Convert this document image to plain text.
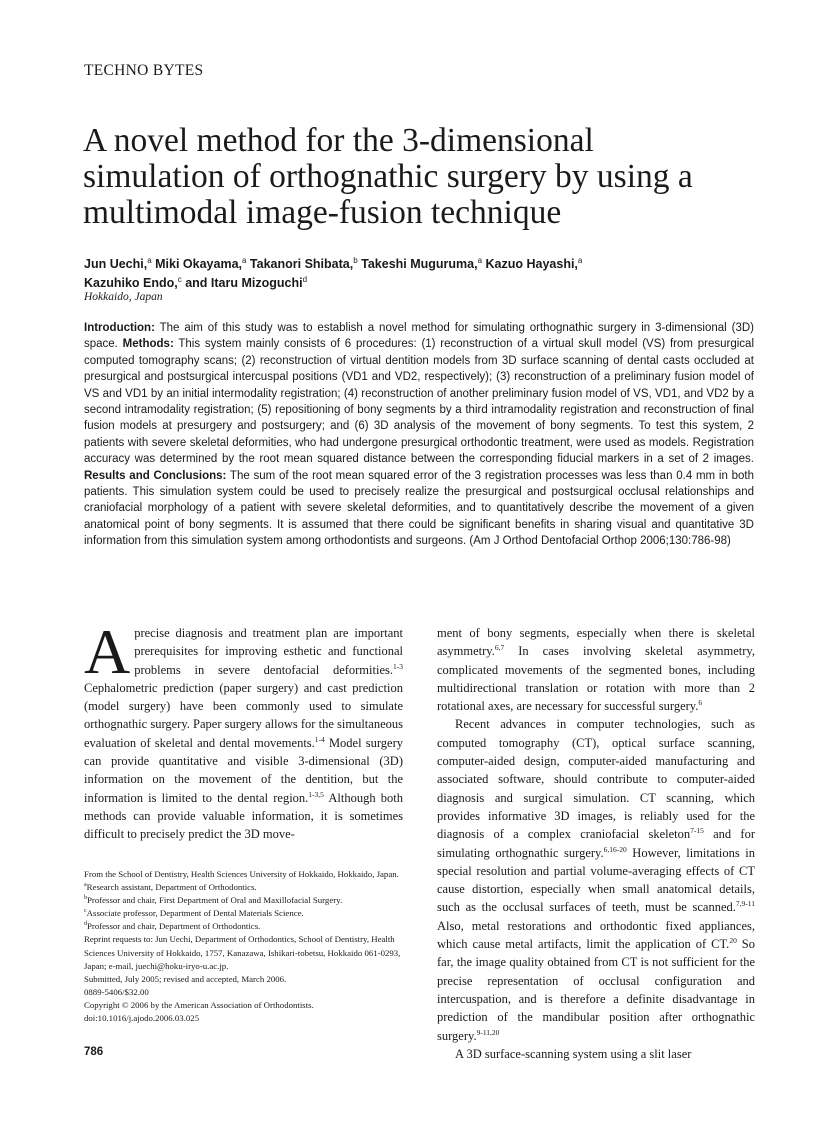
TECHNO BYTES
A novel method for the 3-dimensional simulation of orthognathic surgery by using a multimodal image-fusion technique
Jun Uechi,$^a$ Miki Okayama,$^a$ Takanori Shibata,$^b$ Takeshi Muguruma,$^a$ Kazuo Hayashi,$^a$
Kazuhiko Endo,$^c$ and Itaru Mizoguchi$^d$
Hokkaido, Japan
Introduction: The aim of this study was to establish a novel method for simulating orthognathic surgery in 3-dimensional (3D) space. Methods: This system mainly consists of 6 procedures: (1) reconstruction of a virtual skull model (VS) from presurgical computed tomography scans; (2) reconstruction of virtual dentition models from 3D surface scanning of dental casts occluded at presurgical and postsurgical intercuspal positions (VD1 and VD2, respectively); (3) reconstruction of a preliminary fusion model of VS and VD1 by an initial intermodality registration; (4) reconstruction of another preliminary fusion model of VS, VD1, and VD2 by a second intramodality registration; (5) repositioning of bony segments by a third intramodality registration and reconstruction of final fusion models at presurgery and postsurgery; and (6) 3D analysis of the movement of bony segments. To test this system, 2 patients with severe skeletal deformities, who had undergone presurgical orthodontic treatment, were used as models. Registration accuracy was determined by the root mean squared distance between the corresponding fiducial markers in a set of 2 images. Results and Conclusions: The sum of the root mean squared error of the 3 registration processes was less than 0.4 mm in both patients. This simulation system could be used to precisely realize the presurgical and postsurgical occlusal relationships and craniofacial morphology of a patient with severe skeletal deformities, and to quantitatively describe the movement of a given anatomical point of bony segments. It is assumed that there could be significant benefits in sharing visual and quantitative 3D information from this simulation system among orthodontists and surgeons. (Am J Orthod Dentofacial Orthop 2006;130:786-98)

Aprecise diagnosis and treatment plan are important prerequisites for improving esthetic and functional problems in severe dentofacial deformities.$^{1-3}$ Cephalometric prediction (paper surgery) and cast prediction (model surgery) have been commonly used to simulate orthognathic surgery. Paper surgery allows for the simultaneous evaluation of skeletal and dental movements.$^{1-4}$ Model surgery can provide quantitative and visible 3-dimensional (3D) information on the movement of the dentition, but the information is limited to the dental region.$^{1-3,5}$ Although both methods can provide valuable information, it is sometimes difficult to precisely predict the 3D move-

ment of bony segments, especially when there is skeletal asymmetry.$^{6,7}$ In cases involving skeletal asymmetry, complicated movements of the segmented bones, including multidirectional translation or rotation with more than 2 rotational axes, are necessary for successful surgery.$^6$

Recent advances in computer technologies, such as computed tomography (CT), optical surface scanning, computer-aided design, computer-aided manufacturing and associated software, should contribute to computer-aided diagnosis and surgical simulation. CT scanning, which provides informative 3D images, is reliably used for the diagnosis of a complex craniofacial skeleton$^{7-15}$ and for simulating orthognathic surgery.$^{6,16-20}$ However, limitations in special resolution and partial volume-averaging effects of CT cause distortion, especially when small anatomical details, such as the occlusal surfaces of teeth, must be scanned.$^{7,9-11}$ Also, metal restorations and orthodontic fixed appliances, which cause metal artifacts, limit the application of CT.$^{20}$ So far, the image quality obtained from CT is not sufficient for the precise representation of occlusal configuration and intercuspation, and is therefore a definite disadvantage in prediction of the mandibular position after orthognathic surgery.$^{9-11,20}$

A 3D surface-scanning system using a slit laser

From the School of Dentistry, Health Sciences University of Hokkaido, Hokkaido, Japan.
$^a$Research assistant, Department of Orthodontics.
$^b$Professor and chair, First Department of Oral and Maxillofacial Surgery.
$^c$Associate professor, Department of Dental Materials Science.
$^d$Professor and chair, Department of Orthodontics.
Reprint requests to: Jun Uechi, Department of Orthodontics, School of Dentistry, Health Sciences University of Hokkaido, 1757, Kanazawa, Ishikari-tobetsu, Hokkaido 061-0293, Japan; e-mail, juechi@hoku-iryo-u.ac.jp.
Submitted, July 2005; revised and accepted, March 2006.
0889-5406/$32.00
Copyright © 2006 by the American Association of Orthodontists.
doi:10.1016/j.ajodo.2006.03.025
786
